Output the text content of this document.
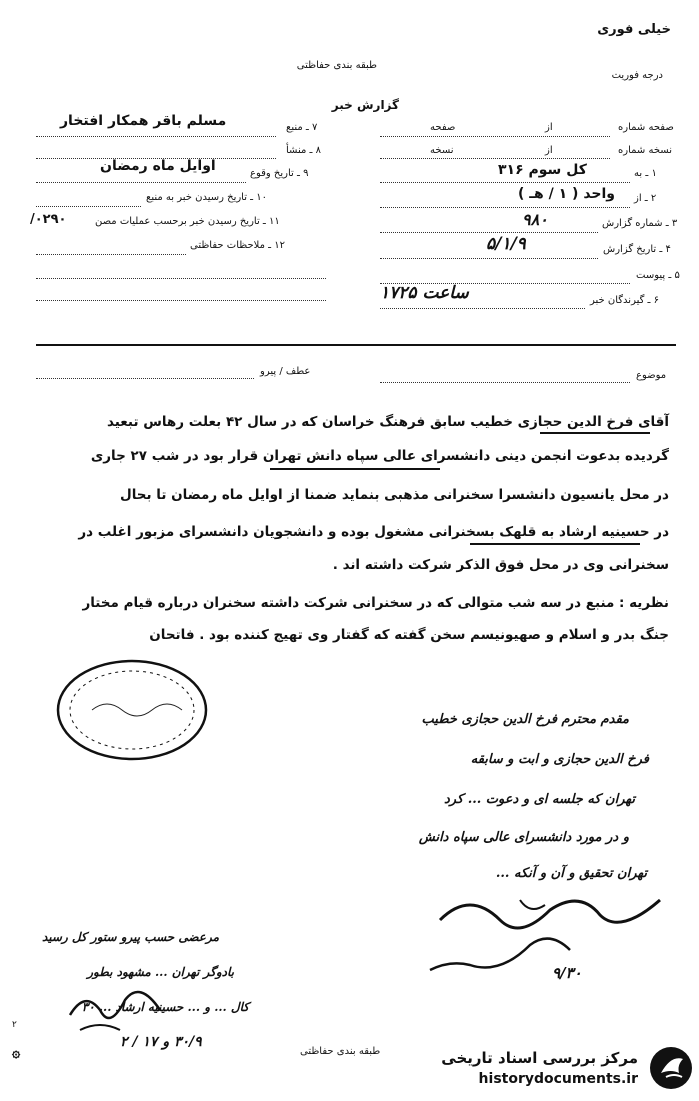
خیلی فوری
درجه فوریت
طبقه بندی حفاظتی
گزارش خبر
صفحه شماره
از
صفحه
نسخه شماره
از
نسخه
۱ ـ به
کل سوم ۳۱۶
۲ ـ از
واحد ( ۱ / هـ )
۳ ـ شماره گزارش
۹۸۰
۴ ـ تاریخ گزارش
۵/۱/۹
۵ ـ پیوست
۶ ـ گیرندگان خبر
ساعت ۱۷۲۵
۷ ـ منبع
مسلم باقر همکار افتخار
۸ ـ منشأ
۹ ـ تاریخ وقوع
اوایل ماه رمضان
۱۰ ـ تاریخ رسیدن خبر به منبع
۱۱ ـ تاریخ رسیدن خبر برحسب عملیات مصن
۰۲۹۰/
۱۲ ـ ملاحظات حفاظتی
موضوع
عطف / پیرو
آقای فرخ الدین حجازی خطیب سابق فرهنگ خراسان که در سال ۴۲ بعلت رهاس تبعید
گردیده بدعوت انجمن دینی دانشسرای عالی سپاه دانش تهران قرار بود در شب ۲۷ جاری
در محل یانسیون دانشسرا سخنرانی مذهبی بنماید ضمنا از اوایل ماه رمضان تا بحال
در حسینیه ارشاد به قلهک بسخنرانی مشغول بوده و دانشجویان دانشسرای مزبور اغلب در
سخنرانی وی در محل فوق الذکر شرکت داشته اند .
نظریه : منبع در سه شب متوالی که در سخنرانی شرکت داشته سخنران درباره قیام مختار
جنگ بدر و اسلام و صهیونیسم سخن گفته که گفتار وی تهیج کننده بود . فاتحان
مقدم محترم فرخ الدین حجازی خطیب
فرخ الدین حجازی و ابت و سابقه
تهران که جلسه ای و دعوت ... کرد
و در مورد دانشسرای عالی سپاه دانش
تهران تحقیق و آن و آنکه ...
۹/۳۰
مرعضی حسب پیرو ستور کل رسید
بادوگر تهران ... مشهود بطور
کال ... و ... حسینیه ارشاد ... ۳۰
۳۰/۹ و ۱۷ / ۲
طبقه بندی حفاظتی
٢
۞	مرکز بررسی اسناد تاریخی
historydocuments.ir
